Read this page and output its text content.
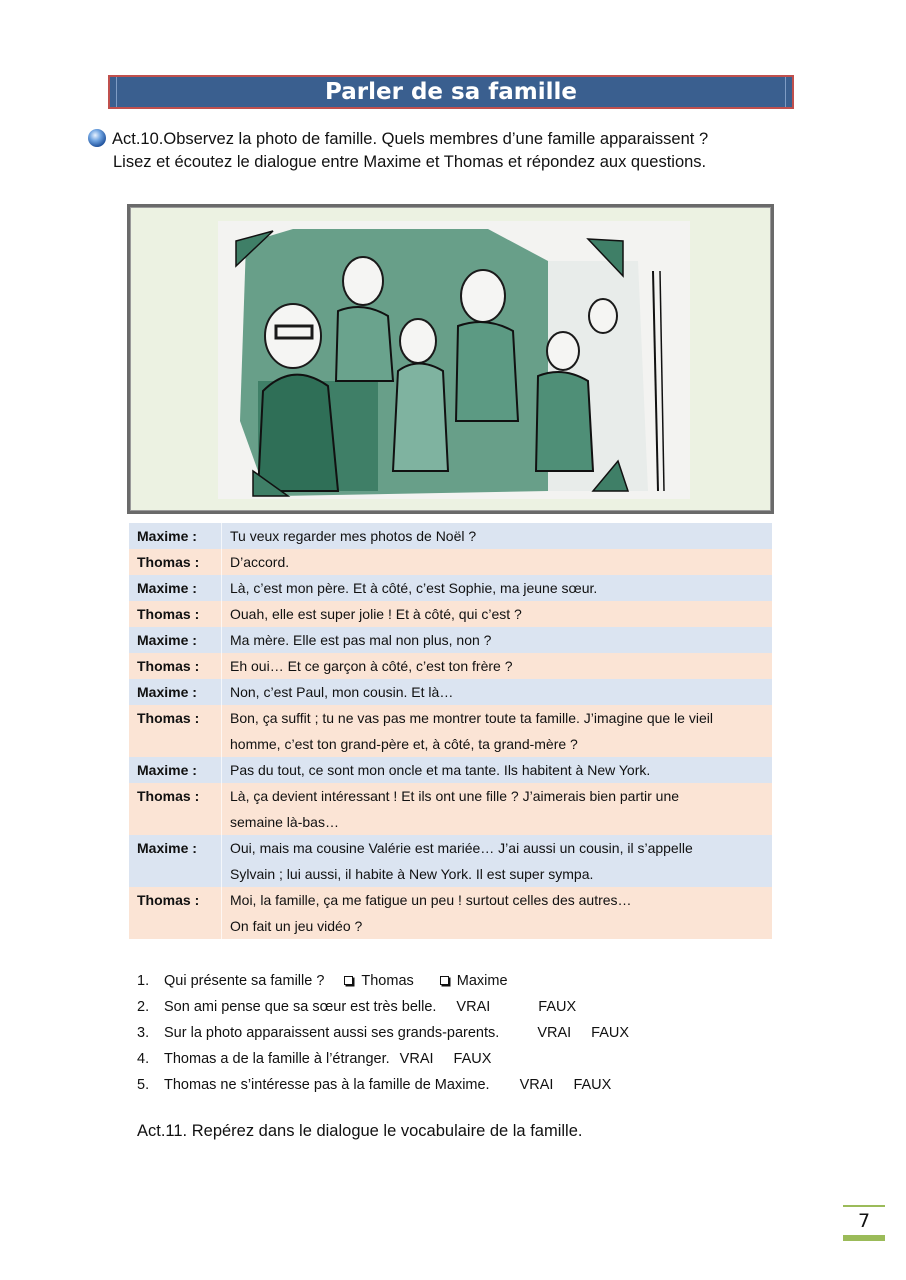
Parler de sa famille
Act.10.Observez la photo de famille. Quels membres d’une famille apparaissent ?
Lisez et écoutez le dialogue entre Maxime et Thomas et répondez aux questions.
Maxime :	Tu veux regarder mes photos de Noël ?
Thomas :	D’accord.
Maxime :	Là, c’est mon père. Et à côté, c’est Sophie, ma jeune sœur.
Thomas :	Ouah, elle est super jolie ! Et à côté, qui c’est ?
Maxime :	Ma mère. Elle est pas mal non plus, non ?
Thomas :	Eh oui… Et ce garçon à côté, c’est ton frère ?
Maxime :	Non, c’est Paul, mon cousin. Et là…
Thomas :	Bon, ça suffit ; tu ne vas pas me montrer toute ta famille. J’imagine que le vieil
homme, c’est ton grand-père et, à côté, ta grand-mère ?
Maxime :	Pas du tout, ce sont mon oncle et ma tante. Ils habitent à New York.
Thomas :	Là, ça devient intéressant ! Et ils ont une fille ? J’aimerais bien partir une
semaine là-bas…
Maxime :	Oui, mais ma cousine Valérie est mariée… J’ai aussi un cousin, il s’appelle
Sylvain ; lui aussi, il habite à New York. Il est super sympa.
Thomas :	Moi, la famille, ça me fatigue un peu ! surtout celles des autres…
On fait un jeu vidéo ?
1.	Qui présente sa famille ?	Thomas	Maxime
2.	Son ami pense que sa sœur est très belle. VRAI	FAUX
3.	Sur la photo apparaissent aussi ses grands-parents.	VRAI FAUX
4.	Thomas a de la famille à l’étranger. VRAI FAUX
5.	Thomas ne s’intéresse pas à la famille de Maxime. VRAI FAUX
Act.11. Repérez dans le dialogue le vocabulaire de la famille.
7
